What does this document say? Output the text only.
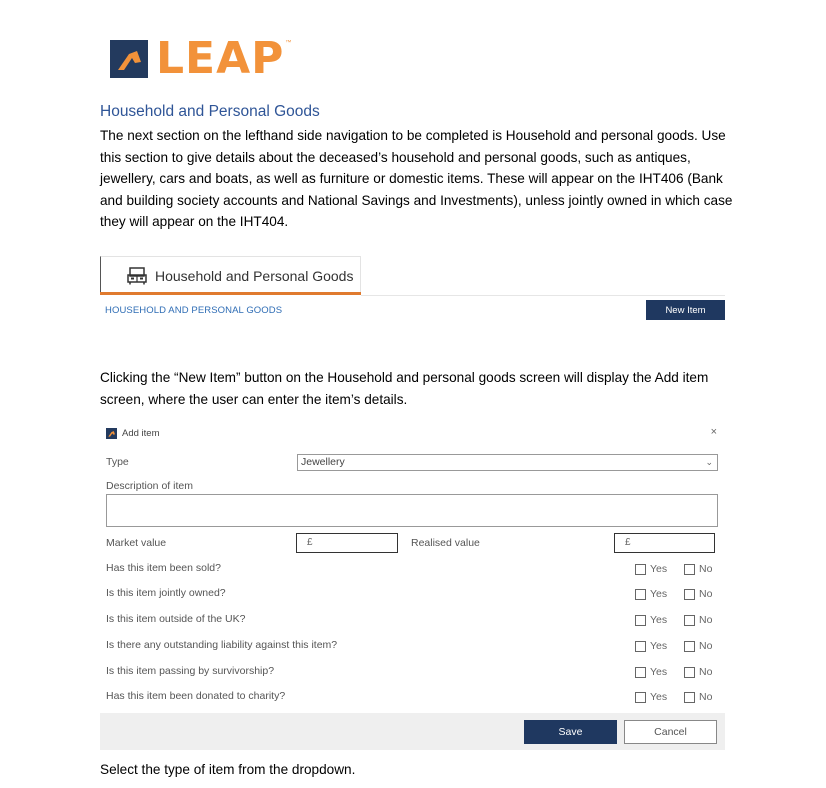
LEAP ™
Household and Personal Goods

The next section on the lefthand side navigation to be completed is Household and personal goods. Use this section to give details about the deceased’s household and personal goods, such as antiques, jewellery, cars and boats, as well as furniture or domestic items. These will appear on the IHT406 (Bank and building society accounts and National Savings and Investments), unless jointly owned in which case they will appear on the IHT404.

Household and Personal Goods
HOUSEHOLD AND PERSONAL GOODS	New Item

Clicking the “New Item” button on the Household and personal goods screen will display the Add item screen, where the user can enter the item’s details.

Add item	×
Type	Jewellery	⌄
Description of item
Market value	£	Realised value	£
Has this item been sold?	Yes	No
Is this item jointly owned?	Yes	No
Is this item outside of the UK?	Yes	No
Is there any outstanding liability against this item?	Yes	No
Is this item passing by survivorship?	Yes	No
Has this item been donated to charity?	Yes	No
Save	Cancel

Select the type of item from the dropdown.
